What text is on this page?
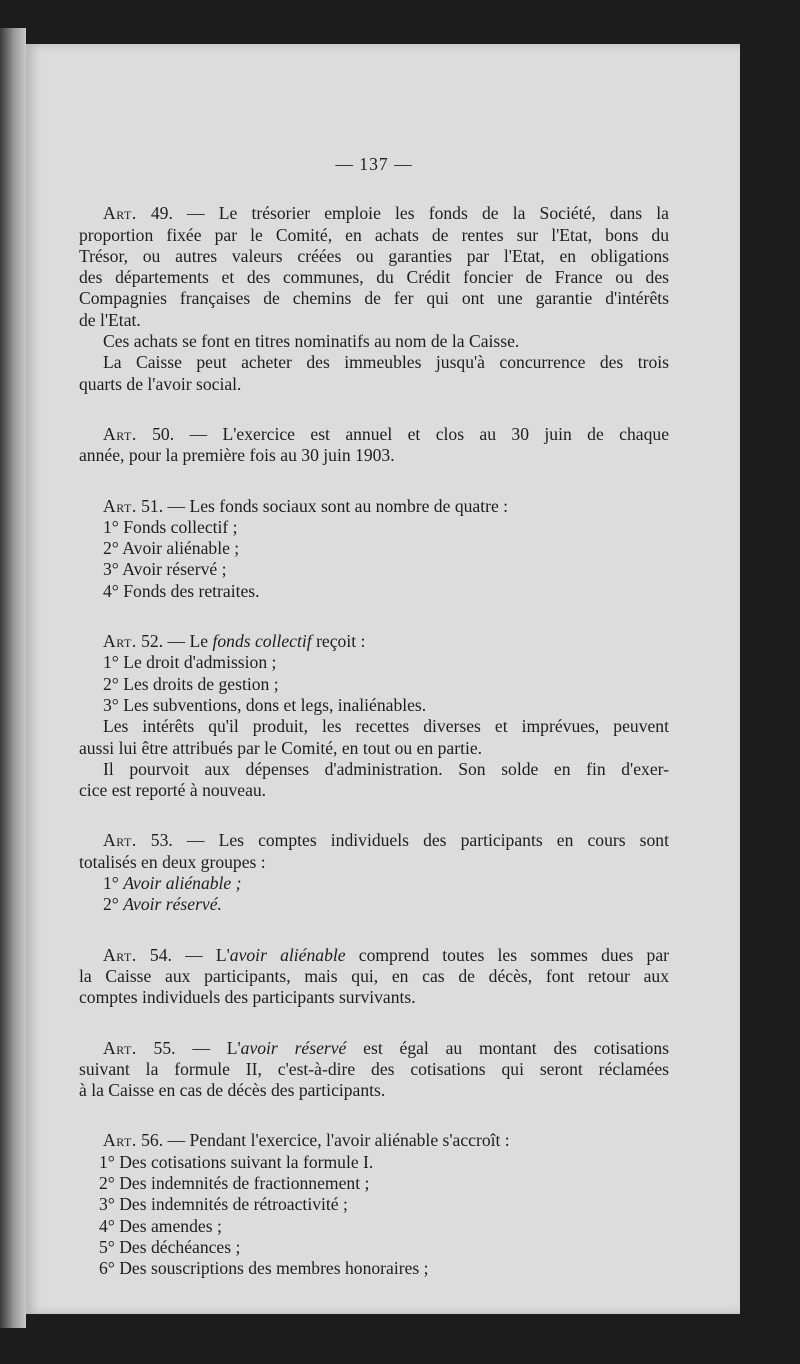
— 137 —

Art. 49. — Le trésorier emploie les fonds de la Société, dans la

proportion fixée par le Comité, en achats de rentes sur l'Etat, bons du

Trésor, ou autres valeurs créées ou garanties par l'Etat, en obligations

des départements et des communes, du Crédit foncier de France ou des

Compagnies françaises de chemins de fer qui ont une garantie d'intérêts

de l'Etat.

Ces achats se font en titres nominatifs au nom de la Caisse.

La Caisse peut acheter des immeubles jusqu'à concurrence des trois

quarts de l'avoir social.

Art. 50. — L'exercice est annuel et clos au 30 juin de chaque

année, pour la première fois au 30 juin 1903.

Art. 51. — Les fonds sociaux sont au nombre de quatre :

1° Fonds collectif ;

2° Avoir aliénable ;

3° Avoir réservé ;

4° Fonds des retraites.

Art. 52. — Le fonds collectif reçoit :

1° Le droit d'admission ;

2° Les droits de gestion ;

3° Les subventions, dons et legs, inaliénables.

Les intérêts qu'il produit, les recettes diverses et imprévues, peuvent

aussi lui être attribués par le Comité, en tout ou en partie.

Il pourvoit aux dépenses d'administration. Son solde en fin d'exer-

cice est reporté à nouveau.

Art. 53. — Les comptes individuels des participants en cours sont

totalisés en deux groupes :

1° Avoir aliénable ;

2° Avoir réservé.

Art. 54. — L'avoir aliénable comprend toutes les sommes dues par

la Caisse aux participants, mais qui, en cas de décès, font retour aux

comptes individuels des participants survivants.

Art. 55. — L'avoir réservé est égal au montant des cotisations

suivant la formule II, c'est-à-dire des cotisations qui seront réclamées

à la Caisse en cas de décès des participants.

Art. 56. — Pendant l'exercice, l'avoir aliénable s'accroît :

1° Des cotisations suivant la formule I.

2° Des indemnités de fractionnement ;

3° Des indemnités de rétroactivité ;

4° Des amendes ;

5° Des déchéances ;

6° Des souscriptions des membres honoraires ;
